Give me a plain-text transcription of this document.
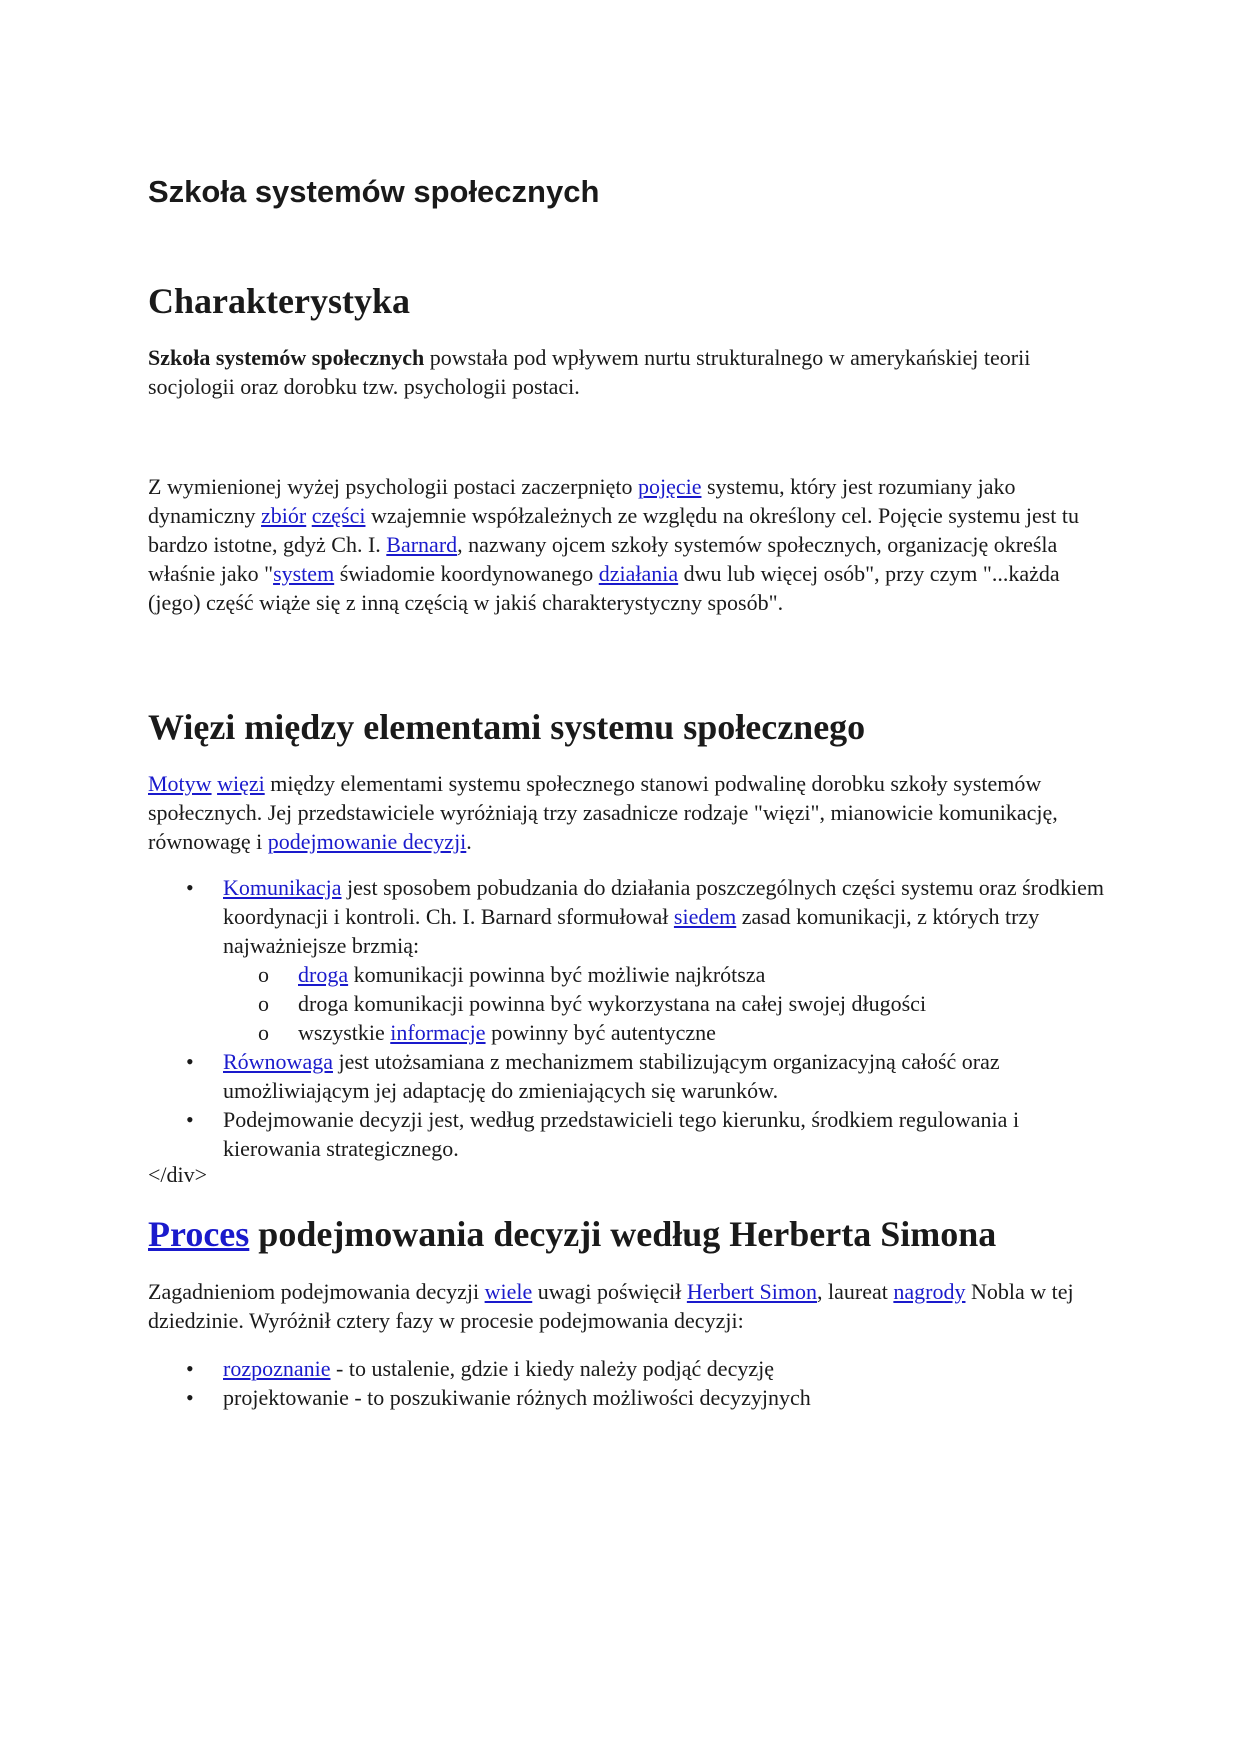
Szkoła systemów społecznych
Charakterystyka

Szkoła systemów społecznych powstała pod wpływem nurtu strukturalnego w amerykańskiej teorii socjologii oraz dorobku tzw. psychologii postaci.

Z wymienionej wyżej psychologii postaci zaczerpnięto pojęcie systemu, który jest rozumiany jako dynamiczny zbiór części wzajemnie współzależnych ze względu na określony cel. Pojęcie systemu jest tu bardzo istotne, gdyż Ch. I. Barnard, nazwany ojcem szkoły systemów społecznych, organizację określa właśnie jako "system świadomie koordynowanego działania dwu lub więcej osób", przy czym "...każda (jego) część wiąże się z inną częścią w jakiś charakterystyczny sposób".

Więzi między elementami systemu społecznego

Motyw więzi między elementami systemu społecznego stanowi podwalinę dorobku szkoły systemów społecznych. Jej przedstawiciele wyróżniają trzy zasadnicze rodzaje "więzi", mianowicie komunikację, równowagę i podejmowanie decyzji.

• Komunikacja jest sposobem pobudzania do działania poszczególnych części systemu oraz środkiem koordynacji i kontroli. Ch. I. Barnard sformułował siedem zasad komunikacji, z których trzy najważniejsze brzmią:
o droga komunikacji powinna być możliwie najkrótsza
o droga komunikacji powinna być wykorzystana na całej swojej długości
o wszystkie informacje powinny być autentyczne
• Równowaga jest utożsamiana z mechanizmem stabilizującym organizacyjną całość oraz umożliwiającym jej adaptację do zmieniających się warunków.
• Podejmowanie decyzji jest, według przedstawicieli tego kierunku, środkiem regulowania i kierowania strategicznego.

</div>

Proces podejmowania decyzji według Herberta Simona

Zagadnieniom podejmowania decyzji wiele uwagi poświęcił Herbert Simon, laureat nagrody Nobla w tej dziedzinie. Wyróżnił cztery fazy w procesie podejmowania decyzji:

• rozpoznanie - to ustalenie, gdzie i kiedy należy podjąć decyzję
• projektowanie - to poszukiwanie różnych możliwości decyzyjnych
